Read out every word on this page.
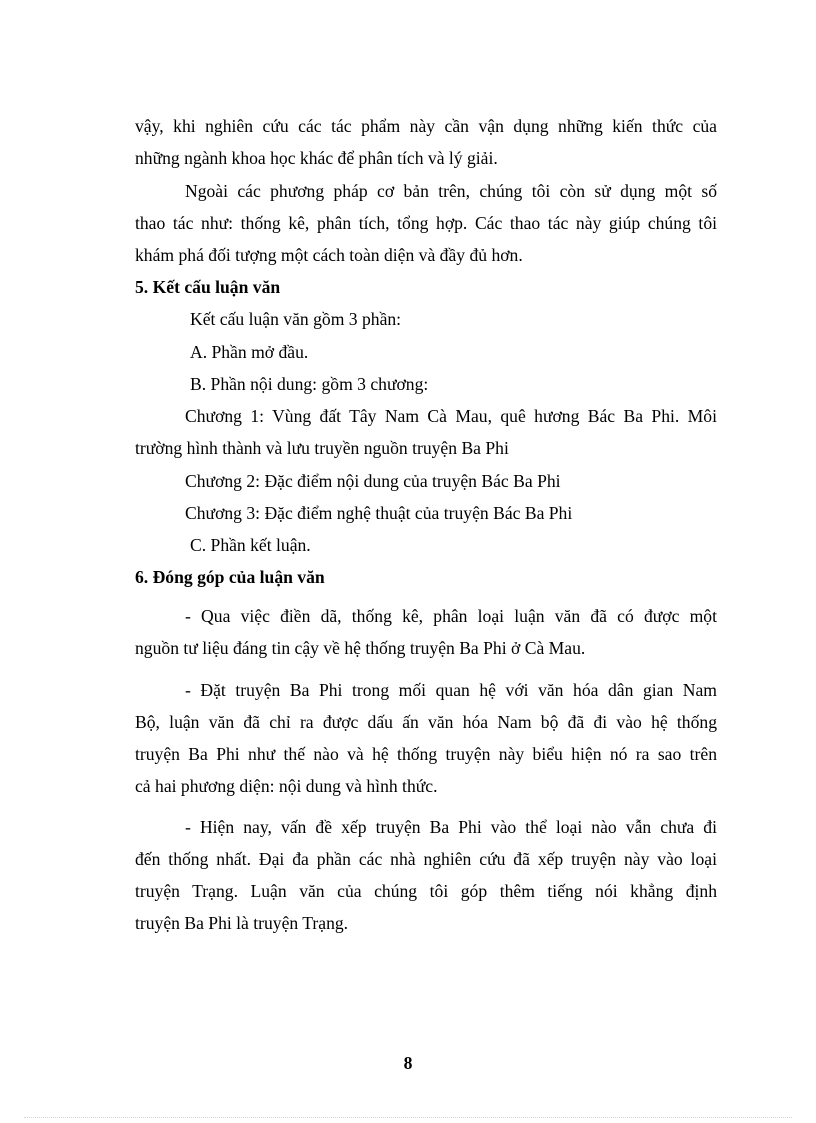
vậy, khi nghiên cứu các tác phẩm này cần vận dụng những kiến thức của
những ngành khoa học khác để phân tích và lý giải.
Ngoài các phương pháp cơ bản trên, chúng tôi còn sử dụng một số
thao tác như: thống kê, phân tích, tổng hợp. Các thao tác này giúp chúng tôi
khám phá đối tượng một cách toàn diện và đầy đủ hơn.
5. Kết cấu luận văn
Kết cấu luận văn gồm 3 phần:
A. Phần mở đầu.
B. Phần nội dung: gồm 3 chương:
Chương 1: Vùng đất Tây Nam Cà Mau, quê hương Bác Ba Phi. Môi
trường hình thành và lưu truyền nguồn truyện Ba Phi
Chương 2: Đặc điểm nội dung của truyện Bác Ba Phi
Chương 3: Đặc điểm nghệ thuật của truyện Bác Ba Phi
C. Phần kết luận.
6. Đóng góp của luận văn
- Qua việc điền dã, thống kê, phân loại luận văn đã có được một
nguồn tư liệu đáng tin cậy về hệ thống truyện Ba Phi ở Cà Mau.
- Đặt truyện Ba Phi trong mối quan hệ với văn hóa dân gian Nam
Bộ, luận văn đã chỉ ra được dấu ấn văn hóa Nam bộ đã đi vào hệ thống
truyện Ba Phi như thế nào và hệ thống truyện này biểu hiện nó ra sao trên
cả hai phương diện: nội dung và hình thức.
- Hiện nay, vấn đề xếp truyện Ba Phi vào thể loại nào vẫn chưa đi
đến thống nhất. Đại đa phần các nhà nghiên cứu đã xếp truyện này vào loại
truyện Trạng. Luận văn của chúng tôi góp thêm tiếng nói khẳng định
truyện Ba Phi là truyện Trạng.
8
